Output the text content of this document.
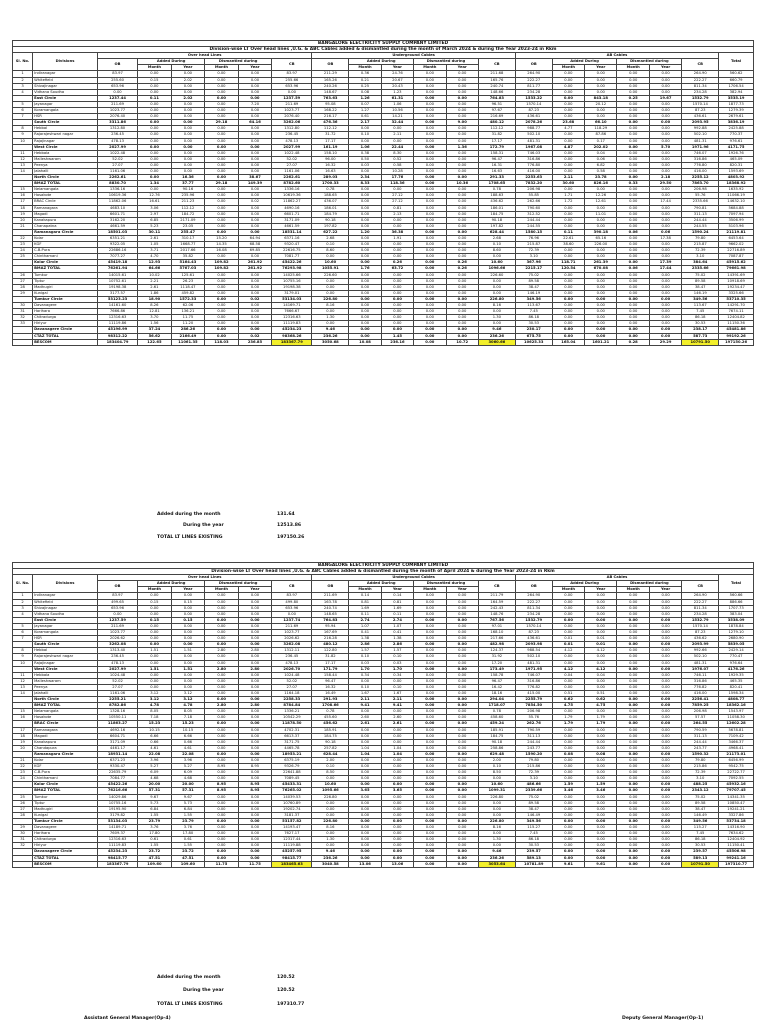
BANGALORE ELECTRICITY SUPPLY COMPANY LIMITED																				
Division-wise LT Over head lines ,U.G. & ABC Cables added & dismantled during the month of March 2024 & during the Year 2023-24 in Rkm																				
Sl. No.	Divisions	Over head Lines						Underground Cables						AB Cables						Total
		OB	Added During		Dismantled during		CB	OB	Added During		Dismantled during		CB	OB	Added During		Dismantled during		CB	
			Month	Year	Month	Year			Month	Year	Month	Year			Month	Year	Month	Year		
1	Indiranagar	83.97	0.00	0.00	0.00	0.00	83.97	211.29	0.36	24.76	0.00	0.00	211.68	264.90	0.00	0.00	0.00	0.00	264.90	560.62
2	Whitefield	255.60	0.15	2.02	0.00	0.00	255.66	165.26	0.21	20.67	0.00	0.00	165.76	222.27	0.00	0.00	0.00	0.00	222.27	660.79
3	Shivajinagar	653.96	0.00	0.00	0.00	0.00	653.96	240.26	0.25	20.43	0.00	0.00	240.74	811.77	0.00	0.00	0.00	0.00	811.34	1706.54
4	Vidhana Soudha	0.00	0.00	0.00	0.00	0.00	0.00	148.67	0.08	1.23	0.00	0.00	148.66	234.28	0.00	0.00	0.00	0.00	234.28	382.94
	East Circle	1237.44	0.11	2.02	0.00	0.00	1237.59	763.63	1.26	61.31	0.00	0.00	764.83	1533.22	0.00	843.18	0.25	19.67	1532.79	3535.19
5	Jayanagar	211.69	0.00	0.00	0.00	7.20	211.69	95.08	0.07	1.06	0.00	0.00	96.51	1570.14	0.00	20.12	0.00	0.00	1570.14	1877.73
6	Koramangala	1023.77	0.00	0.00	0.00	0.00	1023.77	168.22	1.27	10.56	0.00	0.00	97.67	87.23	0.00	0.00	0.00	0.00	87.23	1279.39
7	HSR	2076.40	0.00	0.00	0.00	0.00	2076.40	216.17	0.61	14.21	0.00	0.00	216.69	436.61	0.00	0.00	0.00	0.00	436.61	2679.61
	South Circle	3311.86	0.00	0.00	29.18	64.16	3262.06	476.36	2.17	32.44	0.00	9.00	480.12	2078.26	23.68	66.10	0.00	0.00	2093.95	3836.19
8	Hebbal	1312.80	0.00	0.00	0.00	0.00	1312.80	112.12	0.00	0.00	0.00	0.00	112.12	988.77	4.77	118.29	0.00	0.00	992.88	2425.88
9	Rajarajeshwari nagar	236.45	0.00	0.00	0.00	0.00	236.45	31.72	0.10	2.11	0.00	0.00	31.82	502.10	0.00	87.86	0.00	0.00	502.10	770.37
10	Rajajinagar	478.13	0.00	0.00	0.00	0.00	478.13	17.17	0.00	0.00	0.00	0.00	17.17	481.31	0.00	0.17	0.00	0.00	481.31	976.61
	West Circle	2027.99	0.00	0.00	0.00	0.00	2027.99	161.19	1.06	22.44	0.00	1.36	172.79	1967.08	4.87	202.02	0.00	5.70	1971.96	4171.75
11	Hebbala	1022.48	0.00	0.00	0.00	0.00	1022.48	158.10	0.38	8.30	0.00	0.00	158.31	746.03	0.00	0.04	0.00	0.00	746.07	1926.76
12	Malleshwaram	52.02	0.00	0.00	0.00	0.00	52.02	96.00	0.50	0.52	0.00	0.00	96.47	316.86	0.00	0.06	0.00	0.00	316.86	465.09
13	Peenya	27.07	0.00	0.00	0.00	0.00	27.07	16.32	0.03	0.58	0.00	0.00	16.31	776.80	0.00	6.82	0.00	0.00	776.80	820.31
14	Jalahalli	1161.06	0.00	0.00	0.00	0.00	1161.06	16.63	0.00	10.28	0.00	0.00	16.63	416.00	0.00	0.58	0.00	0.00	416.00	1593.69
	North Circle	2262.61	0.00	16.36	0.00	38.67	2262.61	289.03	2.34	17.76	0.00	0.00	291.33	2253.63	2.11	23.78	0.00	2.18	2255.12	4803.92
	BMAZ TOTAL	8830.70	1.34	37.77	29.18	149.39	8782.60	1700.33	8.33	118.36	0.00	10.36	1708.65	7832.20	30.60	826.16	0.33	29.50	7863.70	18368.92
15	Nelamangala	1336.16	0.00	90.16	0.00	0.00	1336.16	0.78	0.00	0.00	0.00	0.00	0.78	206.98	0.00	0.00	0.00	0.00	206.98	1635.92
16	Hosakote	10619.36	12.76	235.96	0.00	0.00	10619.36	188.65	0.00	27.12	0.00	0.00	188.63	55.85	1.71	12.26	0.00	0.00	55.76	11066.19
17	BRAC Circle	11862.06	16.61	211.23	0.00	0.02	11862.27	436.07	0.00	27.12	0.00	0.00	436.62	262.66	1.72	12.61	0.00	17.44	2335.66	14632.10
18	Ramanagara	4683.10	3.06	112.12	0.00	0.00	4690.16	186.01	0.00	0.81	0.00	0.00	186.01	790.60	0.00	0.00	0.00	0.00	790.81	5684.88
19	Magadi	6601.71	2.97	184.72	0.00	0.00	6601.71	184.79	0.00	2.13	0.00	0.00	184.75	312.52	0.00	11.01	0.00	0.00	311.13	7097.94
20	Kanakapura	3162.20	6.85	2171.09	0.00	0.00	3171.09	90.18	0.00	0.00	0.00	0.00	90.18	244.44	0.00	0.00	0.00	0.00	244.44	3506.99
21	Chanapatna	4661.59	5.23	23.05	0.00	0.00	4661.59	197.82	0.00	0.00	0.00	0.00	197.82	244.55	0.00	0.00	0.00	0.00	244.55	5103.96
	Ramanagara Circle	18501.03	30.11	255.47	0.00	0.00	18531.14	627.22	1.20	36.38	0.00	0.00	628.44	1580.15	0.11	390.18	0.06	0.06	1590.24	21119.81
22	Kolar	6351.21	2.61	310.17	15.20	64.94	6371.16	2.68	0.00	1.91	0.00	0.00	2.68	76.96	22.61	65.16	0.00	17.38	79.80	6453.64
23	KGF	9322.05	1.05	1668.77	14.35	68.58	9320.47	0.10	0.00	0.00	0.00	0.00	0.10	215.87	38.60	226.00	0.00	0.00	215.87	9662.02
24	C.B.Pura	22686.16	3.71	2017.66	16.08	69.85	22616.75	8.60	0.00	0.00	0.00	0.00	8.60	72.39	0.00	0.00	0.00	0.00	72.39	22716.89
25	Chinthamani	7077.27	4.70	35.82	0.00	0.00	7081.77	0.00	0.00	0.00	0.00	0.00	0.00	3.10	0.00	0.00	0.00	0.00	3.10	7087.87
	Kolar Circle	45419.18	12.93	5164.43	109.82	261.92	45422.26	10.60	0.00	0.26	0.00	0.26	10.60	367.96	118.71	261.39	0.00	17.39	384.64	45915.62
	BMAZ TOTAL	76261.94	64.66	5767.03	109.82	261.92	76293.98	1055.91	1.76	63.72	0.00	0.26	1096.66	2215.17	120.54	670.08	0.06	17.44	2335.66	79661.98
26	Tumkur	14015.61	10.02	125.61	0.00	0.00	14025.66	226.60	0.00	0.00	0.00	0.00	226.60	75.02	0.00	0.00	0.00	0.00	75.02	14391.69
27	Tiptur	10752.61	2.21	26.23	0.00	0.00	10755.16	0.00	0.00	0.00	0.00	0.00	0.00	89.58	0.00	0.00	0.00	0.00	89.58	10918.69
28	Madhugiri	19198.38	2.61	1118.47	0.00	0.00	19198.38	0.00	0.00	0.00	0.00	0.00	0.00	38.47	0.00	0.00	0.00	0.00	38.47	19234.47
29	Kunigal	3177.57	1.86	459.82	0.00	0.00	3179.01	0.00	0.00	0.00	0.00	0.00	0.00	146.19	0.00	0.00	0.00	0.00	146.19	3325.66
	Tumkur Circle	53123.23	18.90	1572.33	0.00	0.02	53134.03	226.80	0.00	0.00	0.00	0.00	226.80	349.56	0.00	0.00	0.00	0.00	349.56	53710.35
30	Davanagere	14161.60	8.26	62.06	0.00	0.00	14169.71	8.16	0.00	0.00	0.00	0.00	8.16	113.67	0.00	0.00	0.00	0.00	113.67	14291.70
31	Harihara	7666.86	12.81	136.21	0.00	0.00	7666.67	0.00	0.00	0.00	0.00	0.00	0.00	7.45	0.00	0.00	0.00	0.00	7.45	7674.11
32	Chitradurga	12316.63	3.70	11.75	0.00	0.00	12316.63	1.30	0.00	0.00	0.00	0.00	1.30	86.18	0.00	0.00	0.00	0.00	86.18	12404.82
33	Hiriyur	11119.86	1.56	11.20	0.00	0.00	11119.83	0.00	0.00	0.00	0.00	0.00	0.00	30.53	0.00	0.00	0.00	0.00	30.53	11150.36
	Davanagere Circle	45196.99	37.24	286.26	0.00	0.00	45234.23	9.46	0.00	0.00	0.00	0.00	9.46	230.17	0.00	0.00	0.00	0.00	238.17	45481.86
	CTAZ TOTAL	98312.22	56.62	2166.49	0.00	0.02	98368.26	236.26	0.00	1.45	0.00	0.00	236.26	675.75	0.00	0.00	0.00	0.00	587.73	99192.26
	BESCOM	183404.79	122.65	11061.35	118.03	236.85	183367.79	3050.68	10.08	236.16	0.00	10.72	3060.66	10625.33	165.04	1601.21	0.28	29.29	10791.50	197150.26
Added during the month	131.64
During the year	12513.86
TOTAL LT LINES EXISTING	197150.26
BANGALORE ELECTRICITY SUPPLY COMPANY LIMITED																				
Division-wise LT Over head lines ,U.G. & ABC Cables added & dismantled during the month of April 2024 & during the Year 2023-24 in Rkm																				
Sl. No.	Divisions	Over head Lines						Underground Cables						AB Cables						Total
		OB	Added During		Dismantled during		CB	OB	Added During		Dismantled during		CB	OB	Added During		Dismantled during		CB	
			Month	Year	Month	Year			Month	Year	Month	Year			Month	Year	Month	Year		
1	Indiranagar	83.97	0.00	0.00	0.00	0.00	83.97	211.69	0.14	0.14	0.00	0.00	211.79	264.90	0.00	0.00	0.00	0.00	264.90	560.66
2	Whitefield	499.65	0.15	0.15	0.00	0.00	499.80	163.78	0.81	0.81	0.00	0.00	164.59	222.27	0.00	0.00	0.00	0.00	222.27	886.66
3	Shivajinagar	653.96	0.00	0.00	0.00	0.00	653.96	240.74	1.69	1.69	0.00	0.00	242.43	811.34	0.00	0.00	0.00	0.00	811.34	1707.73
4	Vidhana Soudha	0.00	0.00	0.00	0.00	0.00	0.00	148.65	0.11	0.11	0.00	0.00	148.76	234.28	0.00	0.00	0.00	0.00	234.28	383.04
	East Circle	1237.59	0.15	0.15	0.00	0.00	1237.74	764.83	2.74	2.74	0.00	0.00	767.56	1532.79	0.00	0.00	0.00	0.00	1532.79	3538.09
5	Jayanagar	211.69	0.00	0.00	0.00	0.00	211.69	95.94	1.07	1.07	0.00	0.00	97.01	1570.14	0.00	0.00	0.00	0.00	1570.14	1878.84
6	Koramangala	1023.77	0.00	0.00	0.00	0.00	1023.77	167.69	0.41	0.41	0.00	0.00	168.10	87.23	0.00	0.00	0.00	0.00	87.23	1279.10
7	HSR	2026.62	0.00	0.00	0.00	0.00	2026.62	216.28	1.38	1.38	0.00	0.00	217.66	436.61	0.01	0.01	0.00	0.00	436.62	2680.90
	South Circle	3262.08	0.00	0.00	0.00	0.00	3262.08	480.12	2.86	2.86	0.00	0.00	482.98	2093.98	0.01	0.01	0.00	0.00	2093.99	5839.05
8	Hebbal	1313.40	1.51	1.51	2.80	2.80	1312.11	122.80	1.57	1.57	0.00	0.00	124.37	988.54	4.12	4.12	0.00	0.00	992.66	2429.14
9	Rajarajeshwari nagar	236.45	0.00	0.00	0.00	0.00	236.45	31.82	0.10	0.10	0.00	0.00	31.92	502.10	0.00	0.00	0.00	0.00	502.10	770.47
10	Rajajinagar	478.13	0.00	0.00	0.00	0.00	478.13	17.17	0.03	0.03	0.00	0.00	17.20	481.31	0.00	0.00	0.00	0.00	481.31	976.64
	West Circle	2027.99	1.51	1.51	2.80	2.80	2026.70	171.79	1.70	1.70	0.00	0.00	173.49	1971.95	4.12	4.12	0.00	0.00	1976.07	4176.26
11	Hebbala	1024.48	0.00	0.00	0.00	0.00	1024.48	158.44	0.34	0.34	0.00	0.00	158.78	746.07	0.04	0.04	0.00	0.00	746.11	1929.35
12	Malleshwaram	52.02	0.00	0.00	0.00	0.00	52.02	96.47	0.00	0.00	0.00	0.00	96.47	316.86	0.00	0.00	0.00	0.00	316.86	465.35
13	Peenya	27.07	0.00	0.00	0.00	0.00	27.07	16.32	0.10	0.10	0.00	0.00	16.42	776.82	0.00	0.00	0.00	0.00	776.82	820.41
14	Jalahalli	1161.06	3.12	3.12	0.00	0.00	1164.18	16.49	1.67	1.67	0.00	0.00	18.16	415.00	0.51	0.51	0.00	0.00	416.00	1598.34
	North Circle	2255.21	3.12	3.12	0.00	0.00	2258.33	291.93	2.11	2.11	0.00	0.00	294.04	2255.79	0.62	0.62	0.00	0.00	2256.41	4808.77
	BMAZ TOTAL	8782.86	4.78	4.78	2.80	2.80	8784.84	1708.66	9.41	9.41	0.00	0.00	1718.07	7854.50	4.75	4.75	0.00	0.00	7859.25	18362.16
15	Nelamangala	1328.16	8.05	8.05	0.00	0.00	1336.21	0.78	0.00	0.00	0.00	0.00	0.78	206.98	0.00	0.00	0.00	0.00	206.98	1543.97
16	Hosakote	10550.11	7.18	7.18	0.00	0.00	10542.29	455.60	2.60	2.60	0.00	0.00	458.60	55.76	1.79	1.79	0.00	0.00	57.57	11058.30
	BRAC Circle	11863.27	15.23	15.23	0.00	0.00	11878.50	456.62	2.61	2.61	0.00	0.00	459.24	262.76	1.79	1.79	0.00	0.00	264.55	12602.28
17	Ramanagara	4692.16	10.15	10.15	0.00	0.00	4702.31	185.91	0.00	0.00	0.00	0.00	185.91	790.59	0.00	0.00	0.00	0.00	790.59	5678.81
18	Magadi	6604.71	6.66	6.66	0.00	0.00	6613.37	184.75	0.00	0.00	0.00	0.00	184.75	311.13	0.00	0.00	0.00	0.00	311.13	7109.42
19	Kanakapura	3171.09	0.66	0.66	0.00	0.00	3171.75	90.18	0.00	0.00	0.00	0.00	90.18	244.44	0.00	0.00	0.00	0.00	244.44	3466.37
20	Chandapura	4461.17	4.61	4.61	0.00	0.00	4465.78	257.82	1.04	1.04	0.00	0.00	258.86	243.77	0.00	0.00	0.00	0.00	243.77	4968.41
	Ramanagara Circle	18931.14	22.08	22.08	0.00	0.00	18953.21	628.44	1.04	1.04	0.00	0.00	629.48	1590.20	0.08	0.08	0.00	0.00	1590.32	21173.01
21	Kolar	6371.23	3.96	3.96	0.00	0.00	6375.19	2.00	0.00	0.00	0.00	0.00	2.00	79.80	0.00	0.00	0.00	0.00	79.80	6456.99
22	KGF	9330.47	5.27	5.27	8.95	8.95	9326.79	0.10	0.00	0.00	0.00	0.00	0.10	215.86	0.00	0.00	0.00	0.00	215.86	9542.75
23	C.B.Pura	22635.79	6.09	6.09	0.00	0.00	22641.88	8.50	0.00	0.00	0.00	0.00	8.50	72.39	0.00	0.00	0.00	0.00	72.39	22722.77
24	Chinthamani	7084.77	4.68	4.68	0.00	0.00	7089.45	0.00	0.00	0.00	0.00	0.00	0.00	3.10	0.00	0.00	0.00	0.00	3.10	7092.55
	Kolar Circle	45422.26	20.00	20.00	8.95	8.95	45433.31	10.60	0.00	0.00	0.00	0.00	10.60	486.66	1.59	1.59	0.00	0.00	488.25	45932.16
	BMAZ TOTAL	76216.66	57.31	57.31	8.95	8.95	76265.02	1095.66	3.65	3.65	0.00	0.00	1099.31	2339.66	3.46	3.46	0.00	0.00	2343.12	79707.45
25	Tumkur	14029.86	9.67	9.67	0.00	0.00	14039.53	226.80	0.00	0.00	0.00	0.00	226.80	75.02	0.00	0.00	0.00	0.00	75.02	14341.35
26	Tiptur	10755.16	5.73	5.73	0.00	0.00	10760.89	0.00	0.00	0.00	0.00	0.00	0.00	89.58	0.00	0.00	0.00	0.00	89.58	10850.47
27	Madhugiri	19195.90	6.84	6.84	0.00	0.00	19202.74	0.00	0.00	0.00	0.00	0.00	0.00	38.47	0.00	0.00	0.00	0.00	38.47	19241.21
28	Kunigal	3179.82	1.55	1.55	0.00	0.00	3181.37	0.00	0.00	0.00	0.00	0.00	0.00	146.49	0.00	0.00	0.00	0.00	146.49	3327.86
	Tumkur Circle	53134.03	23.79	23.79	0.00	0.00	53157.82	226.80	0.00	0.00	0.00	0.00	226.80	349.56	0.00	0.00	0.00	0.00	349.56	53734.18
29	Davanagere	14189.71	3.76	3.76	0.00	0.00	14193.47	8.16	0.00	0.00	0.00	0.00	8.16	115.27	0.00	0.00	0.00	0.00	115.27	14316.90
30	Harihara	7609.37	17.80	17.80	0.00	0.00	7627.17	0.00	0.00	0.00	0.00	0.00	0.00	7.45	0.00	0.00	0.00	0.00	7.45	7634.62
31	Chitradurga	12316.63	0.61	0.61	0.00	0.00	12317.44	1.30	0.00	0.00	0.00	0.00	1.30	86.18	0.00	0.00	0.00	0.00	86.18	12404.92
32	Hiriyur	11119.83	1.55	1.55	0.00	0.00	11119.88	0.00	0.00	0.00	0.00	0.00	0.00	30.53	0.00	0.00	0.00	0.00	30.53	11150.41
	Davanagere Circle	45234.23	23.72	23.72	0.00	0.00	45257.95	9.46	0.00	0.00	0.00	0.00	9.46	239.57	0.00	0.00	0.00	0.00	239.57	45506.98
	CTAZ TOTAL	98415.77	47.51	47.51	0.00	0.00	98415.77	236.26	0.00	0.00	0.00	0.00	236.26	589.13	0.00	0.00	0.00	0.00	589.13	99241.16
	BESCOM	183367.79	109.60	109.60	11.75	11.75	183465.63	3040.58	13.06	13.06	0.00	0.00	3053.64	10781.89	9.61	9.61	0.00	0.00	10791.50	197310.77
Added during the month	120.52
During the year	120.52
TOTAL LT LINES EXISTING	197310.77
Assistant General Manager(Op-4)	Deputy General Manager(Op-1)
